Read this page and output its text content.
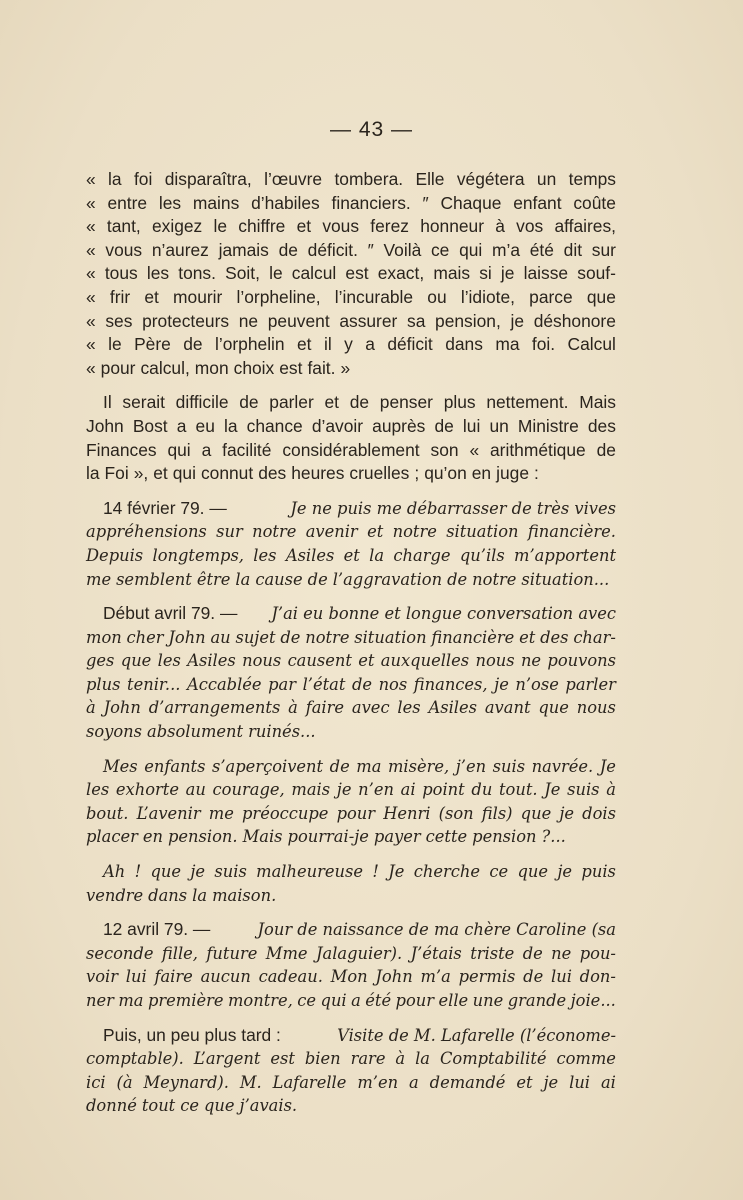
— 43 —
« la foi disparaîtra, l’œuvre tombera. Elle végétera un temps
« entre les mains d’habiles financiers. ″ Chaque enfant coûte
« tant, exigez le chiffre et vous ferez honneur à vos affaires,
« vous n’aurez jamais de déficit. ″ Voilà ce qui m’a été dit sur
« tous les tons. Soit, le calcul est exact, mais si je laisse souf-
« frir et mourir l’orpheline, l’incurable ou l’idiote, parce que
« ses protecteurs ne peuvent assurer sa pension, je déshonore
« le Père de l’orphelin et il y a déficit dans ma foi. Calcul
« pour calcul, mon choix est fait. »
Il serait difficile de parler et de penser plus nettement. Mais
John Bost a eu la chance d’avoir auprès de lui un Ministre des
Finances qui a facilité considérablement son « arithmétique de
la Foi », et qui connut des heures cruelles ; qu’on en juge :
14 février 79. —	Je ne puis me débarrasser de très vives
appréhensions sur notre avenir et notre situation financière.
Depuis longtemps, les Asiles et la charge qu’ils m’apportent
me semblent être la cause de l’aggravation de notre situation...
Début avril 79. — J’ai eu bonne et longue conversation avec
mon cher John au sujet de notre situation financière et des char-
ges que les Asiles nous causent et auxquelles nous ne pouvons
plus tenir... Accablée par l’état de nos finances, je n’ose parler
à John d’arrangements à faire avec les Asiles avant que nous
soyons absolument ruinés...
Mes enfants s’aperçoivent de ma misère, j’en suis navrée. Je
les exhorte au courage, mais je n’en ai point du tout. Je suis à
bout. L’avenir me préoccupe pour Henri (son fils) que je dois
placer en pension. Mais pourrai-je payer cette pension ?...
Ah ! que je suis malheureuse ! Je cherche ce que je puis
vendre dans la maison.
12 avril 79. —	Jour de naissance de ma chère Caroline (sa
seconde fille, future Mme Jalaguier). J’étais triste de ne pou-
voir lui faire aucun cadeau. Mon John m’a permis de lui don-
ner ma première montre, ce qui a été pour elle une grande joie...
Puis, un peu plus tard :	Visite de M. Lafarelle (l’économe-
comptable). L’argent est bien rare à la Comptabilité comme
ici (à Meynard). M. Lafarelle m’en a demandé et je lui ai
donné tout ce que j’avais.
